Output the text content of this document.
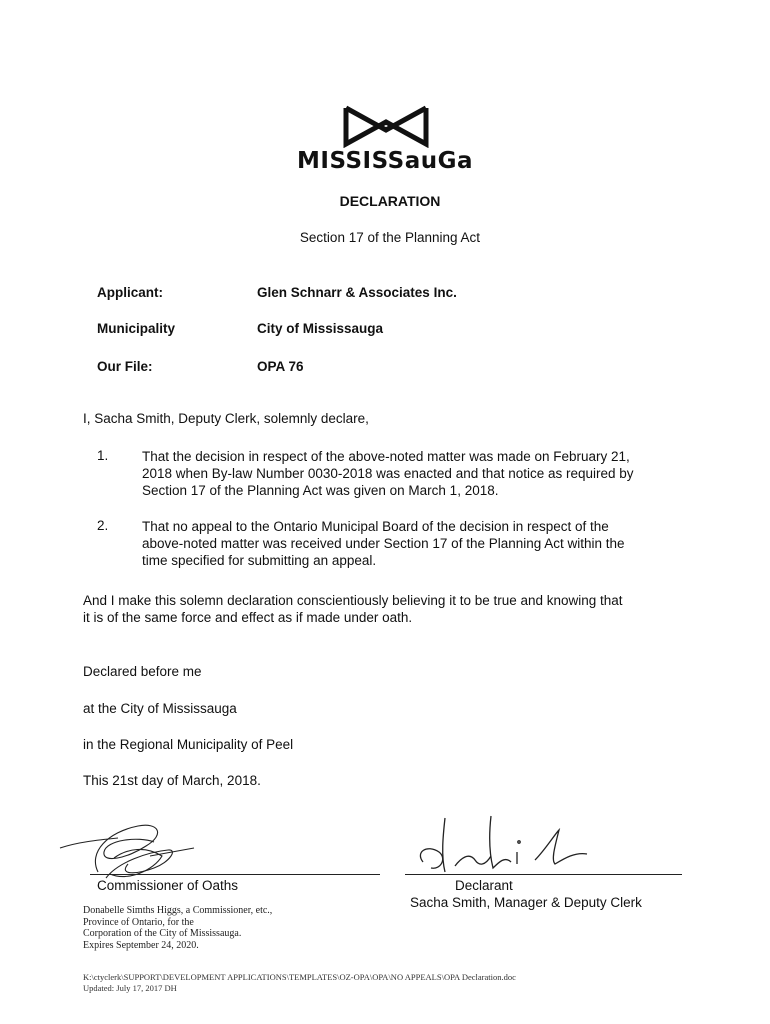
MISSISSauGa
DECLARATION
Section 17 of the Planning Act
Applicant:	Glen Schnarr & Associates Inc.
Municipality	City of Mississauga
Our File:	OPA 76
I, Sacha Smith, Deputy Clerk, solemnly declare,
1. That the decision in respect of the above-noted matter was made on February 21,
2018 when By-law Number 0030-2018 was enacted and that notice as required by
Section 17 of the Planning Act was given on March 1, 2018.
2. That no appeal to the Ontario Municipal Board of the decision in respect of the
above-noted matter was received under Section 17 of the Planning Act within the
time specified for submitting an appeal.
And I make this solemn declaration conscientiously believing it to be true and knowing that
it is of the same force and effect as if made under oath.
Declared before me
at the City of Mississauga
in the Regional Municipality of Peel
This 21st day of March, 2018.
Commissioner of Oaths	Declarant
Sacha Smith, Manager & Deputy Clerk
Donabelle Simths Higgs, a Commissioner, etc.,
Province of Ontario, for the
Corporation of the City of Mississauga.
Expires September 24, 2020.
K:\ctyclerk\SUPPORT\DEVELOPMENT APPLICATIONS\TEMPLATES\OZ-OPA\OPA\NO APPEALS\OPA Declaration.doc
Updated: July 17, 2017 DH
